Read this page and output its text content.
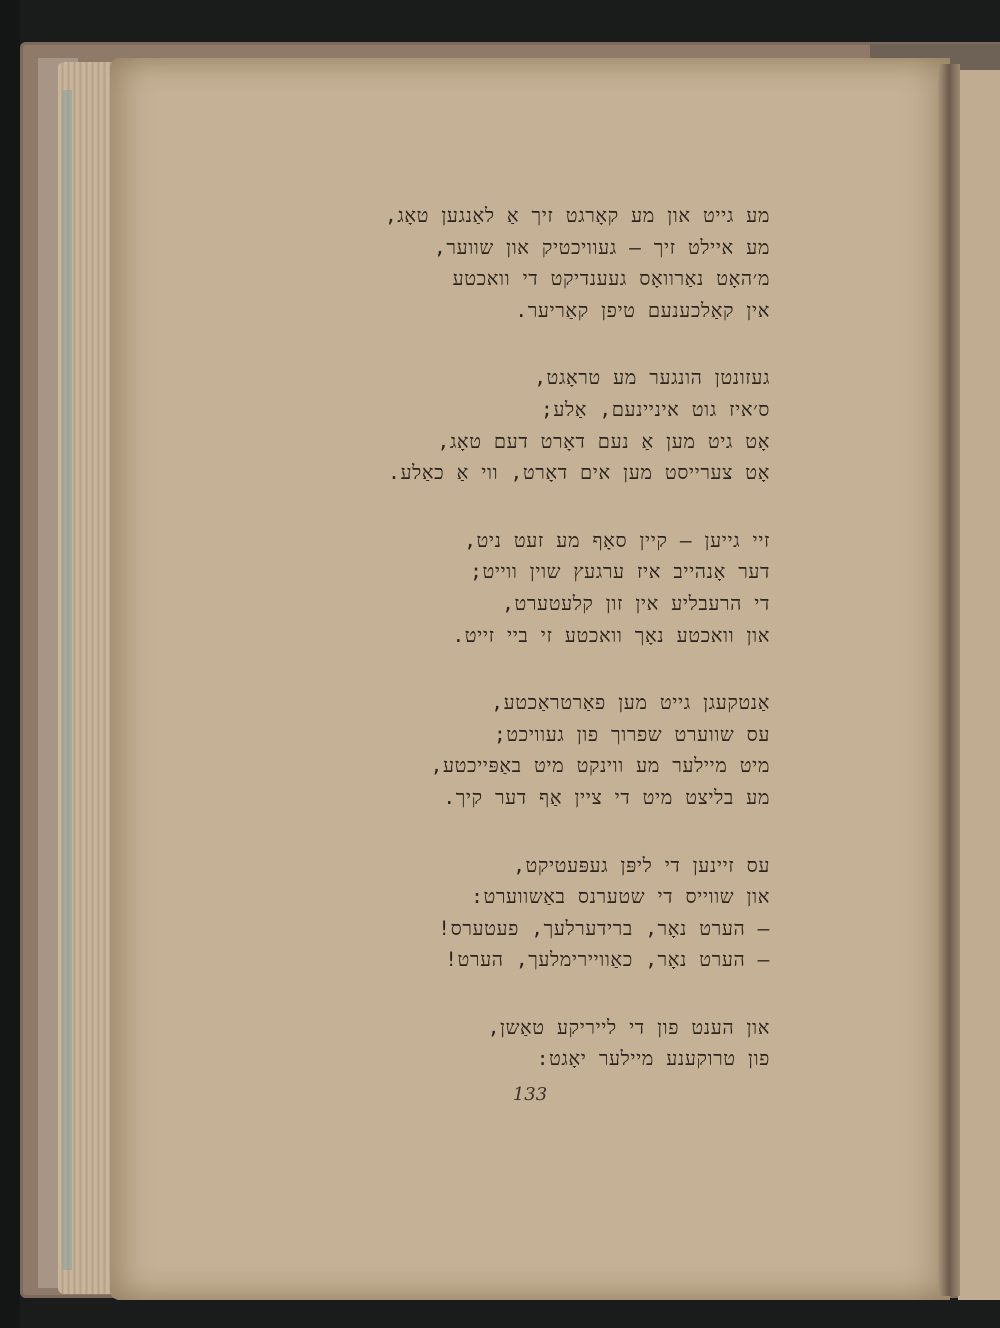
מע גייט און מע קאָרגט זיך אַ לאַנגען טאָג,
מע איילט זיך — געוויכטיק און שווער,
מ׳האָט נאַרוואָס געענדיקט די וואכטע
אין קאַלכענעם טיפן קאַריער.
געזונטן הונגער מע טראָגט,
ס׳איז גוט איניינעם, אַלע;
אָט גיט מען אַ נעם דאָרט דעם טאָג,
אָט צערייסט מען אים דאָרט, ווי אַ כאַלע.
זיי גייען — קיין סאָף מע זעט ניט,
דער אָנהייב איז ערגעץ שוין ווייט;
די הרעבליע אין זון קלעטערט,
און וואכטע נאָך וואכטע זי ביי זייט.
אַנטקעגן גייט מען פאַרטראַכטע,
עס שווערט שפרוך פון געוויכט;
מיט מיילער מע ווינקט מיט באַפּייכטע,
מע בליצט מיט די ציין אַף דער קיך.
עס זיינען די ליפּן געפּעטיקט,
און שווייס די שטערנס באַשווערט:
— הערט נאָר, ברידערלעך, פעטערס!
— הערט נאָר, כאַוויירימלעך, הערט!
און הענט פון די לייריקע טאַשן,
פון טרוקענע מיילער יאָגט:
133
